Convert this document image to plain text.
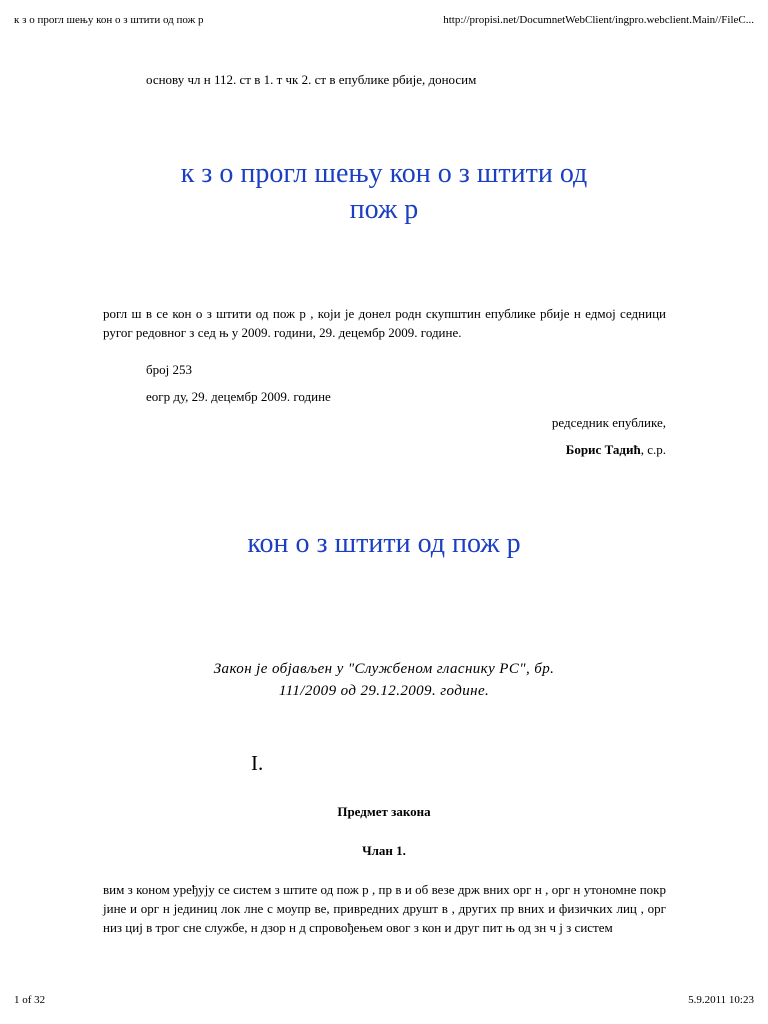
к з о прогл шењу кон о з штити од пож р	http://propisi.net/DocumnetWebClient/ingpro.webclient.Main//FileC...
основу чл н 112. ст в 1. т чк 2. ст в епублике рбије, доносим
к з о прогл шењу кон о з штити од
пож р
рогл ш в се кон о з штити од пож р , који је донел родн скупштин епублике рбије н едмој седници ругог редовног з сед њ у 2009. години, 29. децембр 2009. године.
број 253
еогр ду, 29. децембр 2009. године
редседник епублике,
Борис Тадић, с.р.
кон о з штити од пож р
Закон је објављен у "Службеном гласнику РС", бр.
111/2009 од 29.12.2009. године.
I.
Предмет закона
Члан 1.
вим з коном уређују се систем з штите од пож р , пр в и об везе држ вних орг н , орг н утономне покр јине и орг н јединиц лок лне с моупр ве, привредних друшт в , других пр вних и физичких лиц , орг низ циј в трог сне службе, н дзор н д спровођењем овог з кон и друг пит њ од зн ч ј з систем
1 of 32	5.9.2011 10:23
